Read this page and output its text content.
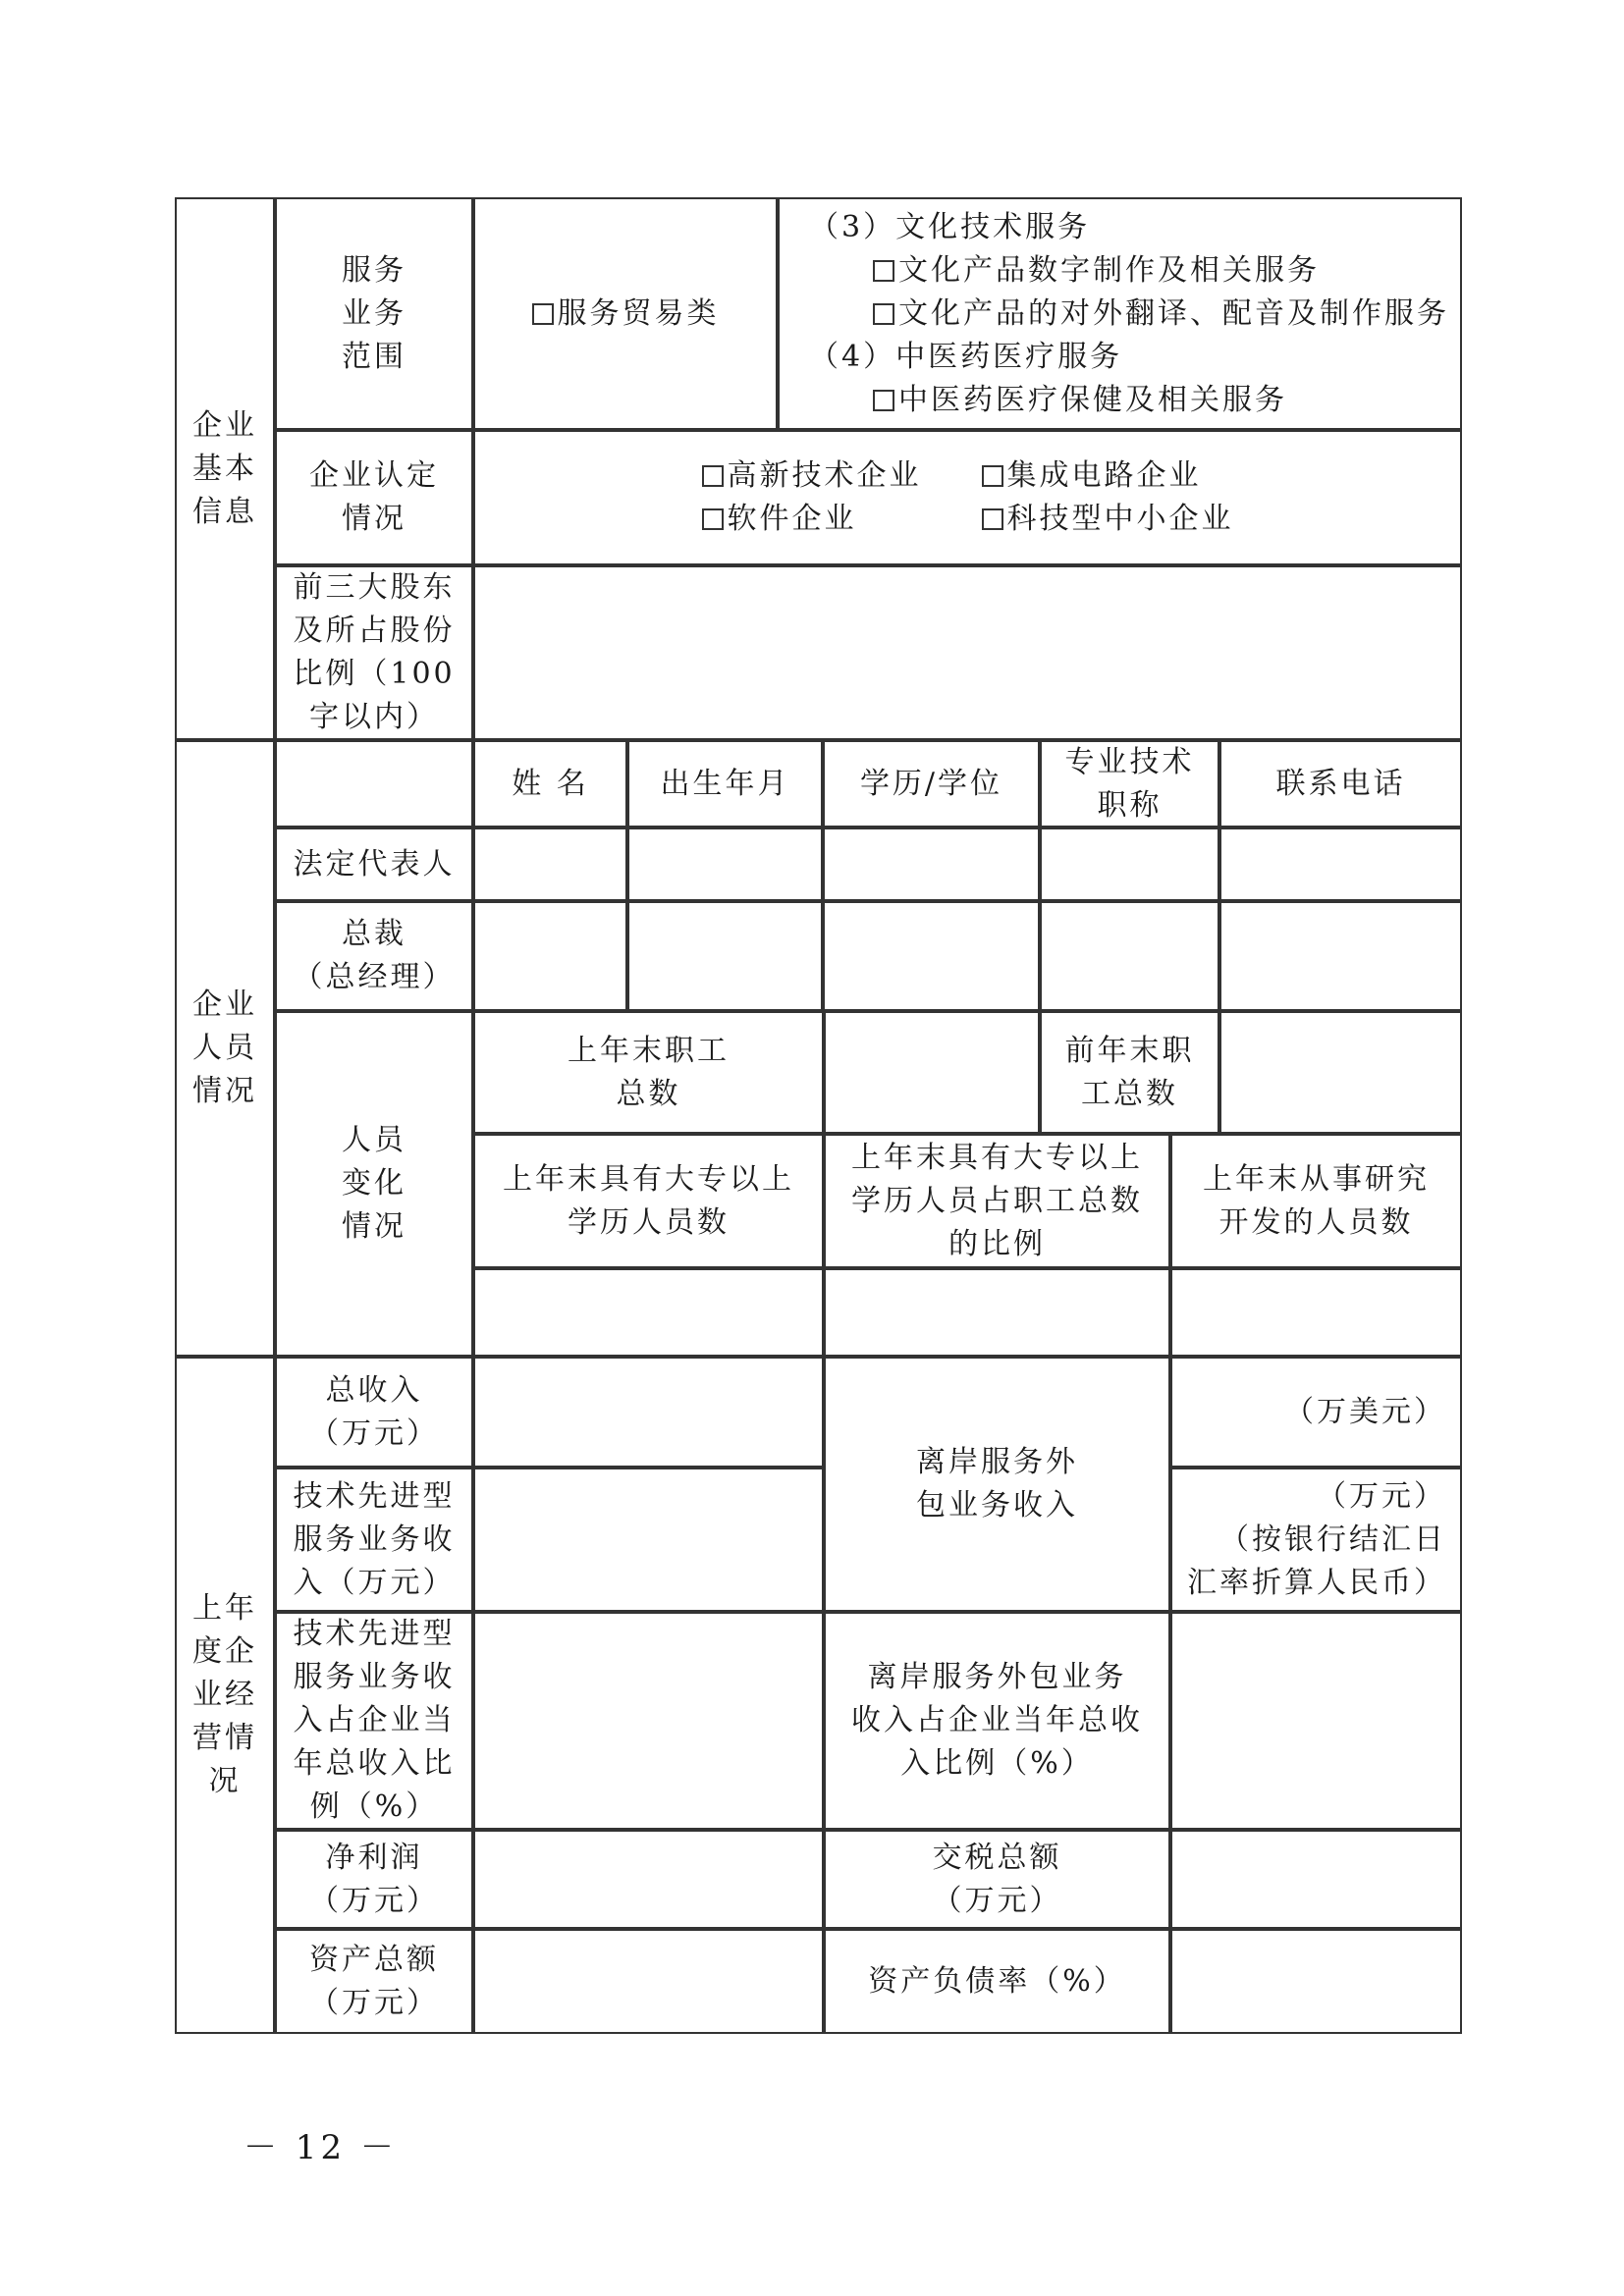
企业
基本
信息
企业
人员
情况
上年
度企
业经
营情
况
服务
业务
范围
服务贸易类
（3）文化技术服务
文化产品数字制作及相关服务
文化产品的对外翻译、配音及制作服务
（4）中医药医疗服务
中医药医疗保健及相关服务
企业认定
情况
高新技术企业	集成电路企业
软件企业	科技型中小企业
前三大股东
及所占股份
比例（100
字以内）
姓 名 出生年月 学历/学位
专业技术
职称
联系电话
法定代表人
总裁
（总经理）
人员
变化
情况
上年末职工
总数
前年末职
工总数
上年末具有大专以上
学历人员数
上年末具有大专以上
学历人员占职工总数
的比例
上年末从事研究
开发的人员数
总收入
（万元）
离岸服务外
包业务收入
（万美元）
技术先进型
服务业务收
入（万元）
（万元）
（按银行结汇日
汇率折算人民币）
技术先进型
服务业务收
入占企业当
年总收入比
例（%）
离岸服务外包业务
收入占企业当年总收
入比例（%）
净利润
（万元）
交税总额
（万元）
资产总额
（万元）
资产负债率（%）
－ 12 －
